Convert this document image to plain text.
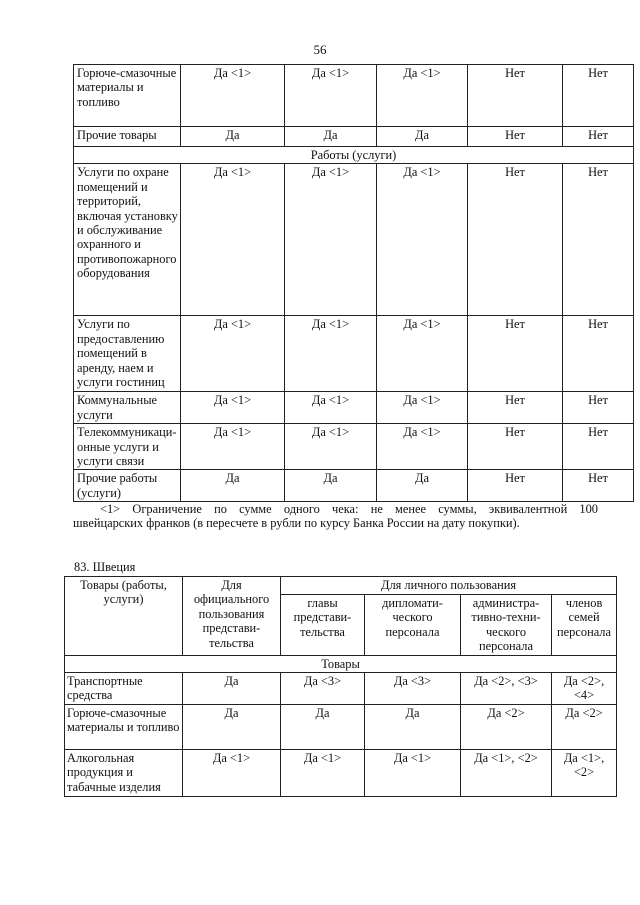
56
Горюче-смазочные материалы и топливо	Да <1>	Да <1>	Да <1>	Нет	Нет
Прочие товары	Да	Да	Да	Нет	Нет
Работы (услуги)					
Услуги по охране помещений и территорий, включая установку и обслуживание охранного и противопожарного оборудования	Да <1>	Да <1>	Да <1>	Нет	Нет
Услуги по предоставлению помещений в аренду, наем и услуги гостиниц	Да <1>	Да <1>	Да <1>	Нет	Нет
Коммунальные услуги	Да <1>	Да <1>	Да <1>	Нет	Нет
Телекоммуникаци-онные услуги и услуги связи	Да <1>	Да <1>	Да <1>	Нет	Нет
Прочие работы (услуги)	Да	Да	Да	Нет	Нет
<1> Ограничение по сумме одного чека: не менее суммы, эквивалентной 100
швейцарских франков (в пересчете в рубли по курсу Банка России на дату покупки).
83. Швеция
Товары (работы, услуги)	Для официального пользования представи-тельства	Для личного пользования			
		главы представи-тельства	дипломати-ческого персонала	администра-тивно-техни-ческого персонала	членов семей персонала
Товары					
Транспортные средства	Да	Да <3>	Да <3>	Да <2>, <3>	Да <2>,<4>
Горюче-смазочные материалы и топливо	Да	Да	Да	Да <2>	Да <2>
Алкогольная продукция и табачные изделия	Да <1>	Да <1>	Да <1>	Да <1>, <2>	Да <1>,<2>
